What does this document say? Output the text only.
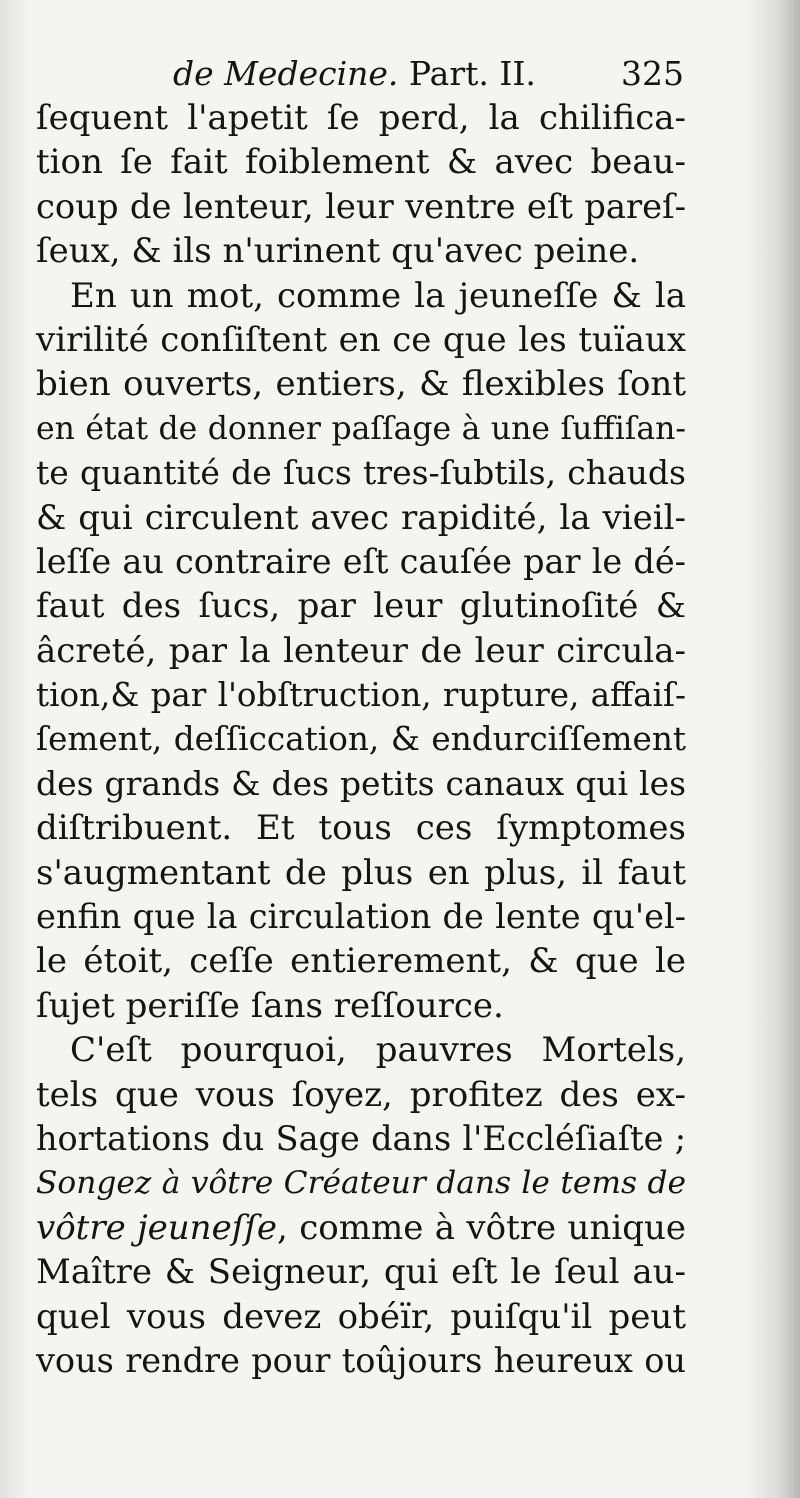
de Medecine. Part. II.	325
ſequent l'apetit ſe perd, la chilifica-
tion ſe fait foiblement & avec beau-
coup de lenteur, leur ventre eſt pareſ-
ſeux, & ils n'urinent qu'avec peine.
En un mot, comme la jeuneſſe & la
virilité conſiſtent en ce que les tuïaux
bien ouverts, entiers, & flexibles ſont
en état de donner paſſage à une ſuffiſan-
te quantité de ſucs tres-ſubtils, chauds
& qui circulent avec rapidité, la vieil-
leſſe au contraire eſt cauſée par le dé-
faut des ſucs, par leur glutinoſité &
âcreté, par la lenteur de leur circula-
tion,& par l'obſtruction, rupture, affaiſ-
ſement, deſſiccation, & endurciſſement
des grands & des petits canaux qui les
diſtribuent. Et tous ces ſymptomes
s'augmentant de plus en plus, il faut
enfin que la circulation de lente qu'el-
le étoit, ceſſe entierement, & que le
ſujet periſſe ſans reſſource.
C'eſt pourquoi, pauvres Mortels,
tels que vous ſoyez, profitez des ex-
hortations du Sage dans l'Eccléſiaſte ;
Songez à vôtre Créateur dans le tems de
vôtre jeuneſſe, comme à vôtre unique
Maître & Seigneur, qui eſt le ſeul au-
quel vous devez obéïr, puiſqu'il peut
vous rendre pour toûjours heureux ou
